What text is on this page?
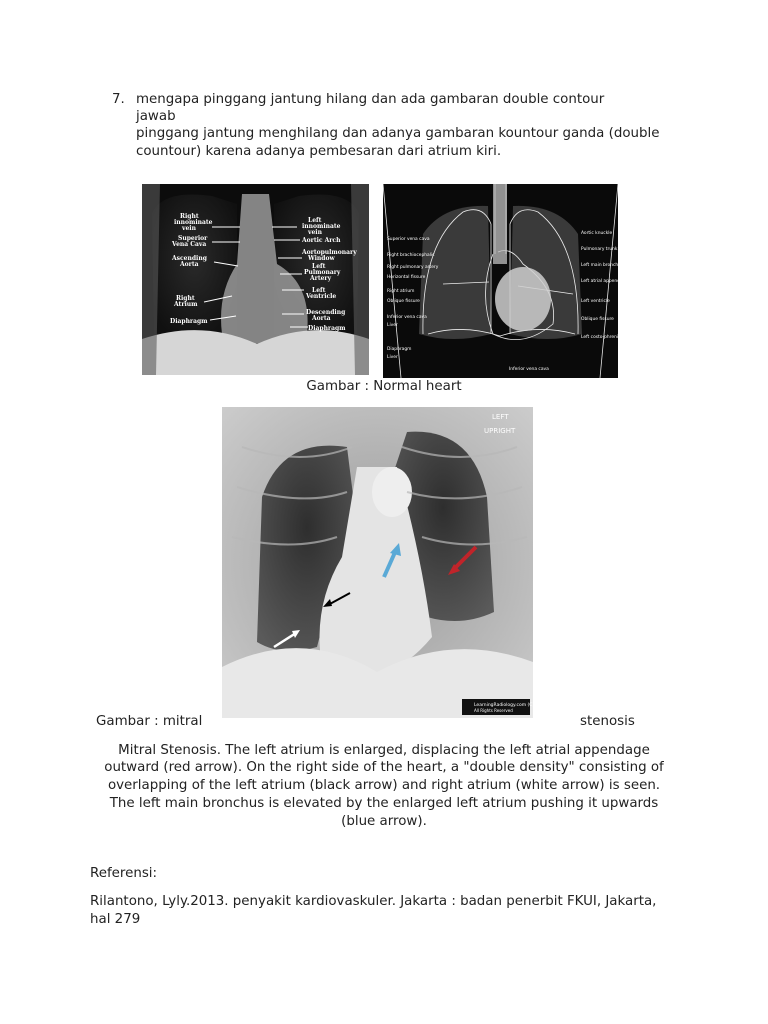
7. mengapa pinggang jantung hilang dan ada gambaran double contour
jawab
pinggang jantung menghilang dan adanya gambaran kountour ganda (double
countour) karena adanya pembesaran dari atrium kiri.
Right
innominate
vein
Superior
Vena Cava
Ascending
Aorta
Right
Atrium
Diaphragm
Left
innominate
vein
Aortic Arch
Aortopulmonary
Window
Left
Pulmonary
Artery
Left
Ventricle
Descending
Aorta
Diaphragm
Superior vena cava
Right brachiocephalic
Right pulmonary artery
Horizontal fissure
Right atrium
Oblique fissure
Inferior vena cava
Liver
Diaphragm
Liver
Aortic knuckle
Pulmonary trunk
Left main bronchus
Left atrial appendage
Left ventricle
Oblique fissure
Left costo-phrenic angle
Inferior vena cava
Gambar : Normal heart
LEFT
UPRIGHT
LearningRadiology.com (C)
All Rights Reserved
Gambar : mitral	stenosis
Mitral Stenosis. The left atrium is enlarged, displacing the left atrial appendage
outward (red arrow). On the right side of the heart, a "double density" consisting of
overlapping of the left atrium (black arrow) and right atrium (white arrow) is seen.
The left main bronchus is elevated by the enlarged left atrium pushing it upwards
(blue arrow).
Referensi:
Rilantono, Lyly.2013. penyakit kardiovaskuler. Jakarta : badan penerbit FKUI, Jakarta,
hal 279
